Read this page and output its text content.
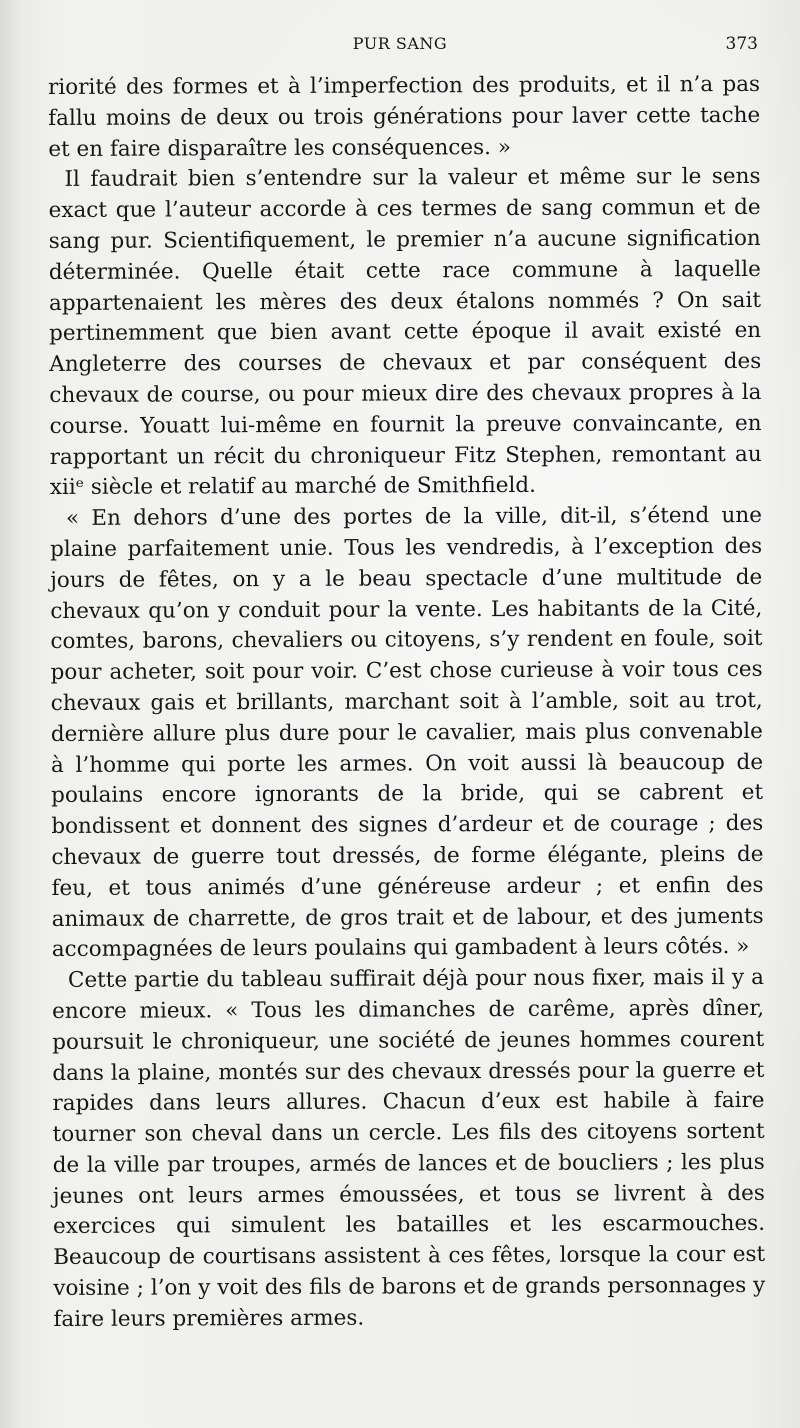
PUR SANG	373

riorité des formes et à l’imperfection des produits, et il n’a pas fallu moins de deux ou trois générations pour laver cette tache et en faire disparaître les conséquences. »

Il faudrait bien s’entendre sur la valeur et même sur le sens exact que l’auteur accorde à ces termes de sang commun et de sang pur. Scientifiquement, le premier n’a aucune signification déterminée. Quelle était cette race commune à laquelle appartenaient les mères des deux étalons nommés ? On sait pertinemment que bien avant cette époque il avait existé en Angleterre des courses de chevaux et par conséquent des chevaux de course, ou pour mieux dire des chevaux propres à la course. Youatt lui-même en fournit la preuve convaincante, en rapportant un récit du chroniqueur Fitz Stephen, remontant au xiiᵉ siècle et relatif au marché de Smithfield.

« En dehors d’une des portes de la ville, dit-il, s’étend une plaine parfaitement unie. Tous les vendredis, à l’exception des jours de fêtes, on y a le beau spectacle d’une multitude de chevaux qu’on y conduit pour la vente. Les habitants de la Cité, comtes, barons, chevaliers ou citoyens, s’y rendent en foule, soit pour acheter, soit pour voir. C’est chose curieuse à voir tous ces chevaux gais et brillants, marchant soit à l’amble, soit au trot, dernière allure plus dure pour le cavalier, mais plus convenable à l’homme qui porte les armes. On voit aussi là beaucoup de poulains encore ignorants de la bride, qui se cabrent et bondissent et donnent des signes d’ardeur et de courage ; des chevaux de guerre tout dressés, de forme élégante, pleins de feu, et tous animés d’une généreuse ardeur ; et enfin des animaux de charrette, de gros trait et de labour, et des juments accompagnées de leurs poulains qui gambadent à leurs côtés. »

Cette partie du tableau suffirait déjà pour nous fixer, mais il y a encore mieux. « Tous les dimanches de carême, après dîner, poursuit le chroniqueur, une société de jeunes hommes courent dans la plaine, montés sur des chevaux dressés pour la guerre et rapides dans leurs allures. Chacun d’eux est habile à faire tourner son cheval dans un cercle. Les fils des citoyens sortent de la ville par troupes, armés de lances et de boucliers ; les plus jeunes ont leurs armes émoussées, et tous se livrent à des exercices qui simulent les batailles et les escarmouches. Beaucoup de courtisans assistent à ces fêtes, lorsque la cour est voisine ; l’on y voit des fils de barons et de grands personnages y faire leurs premières armes.
